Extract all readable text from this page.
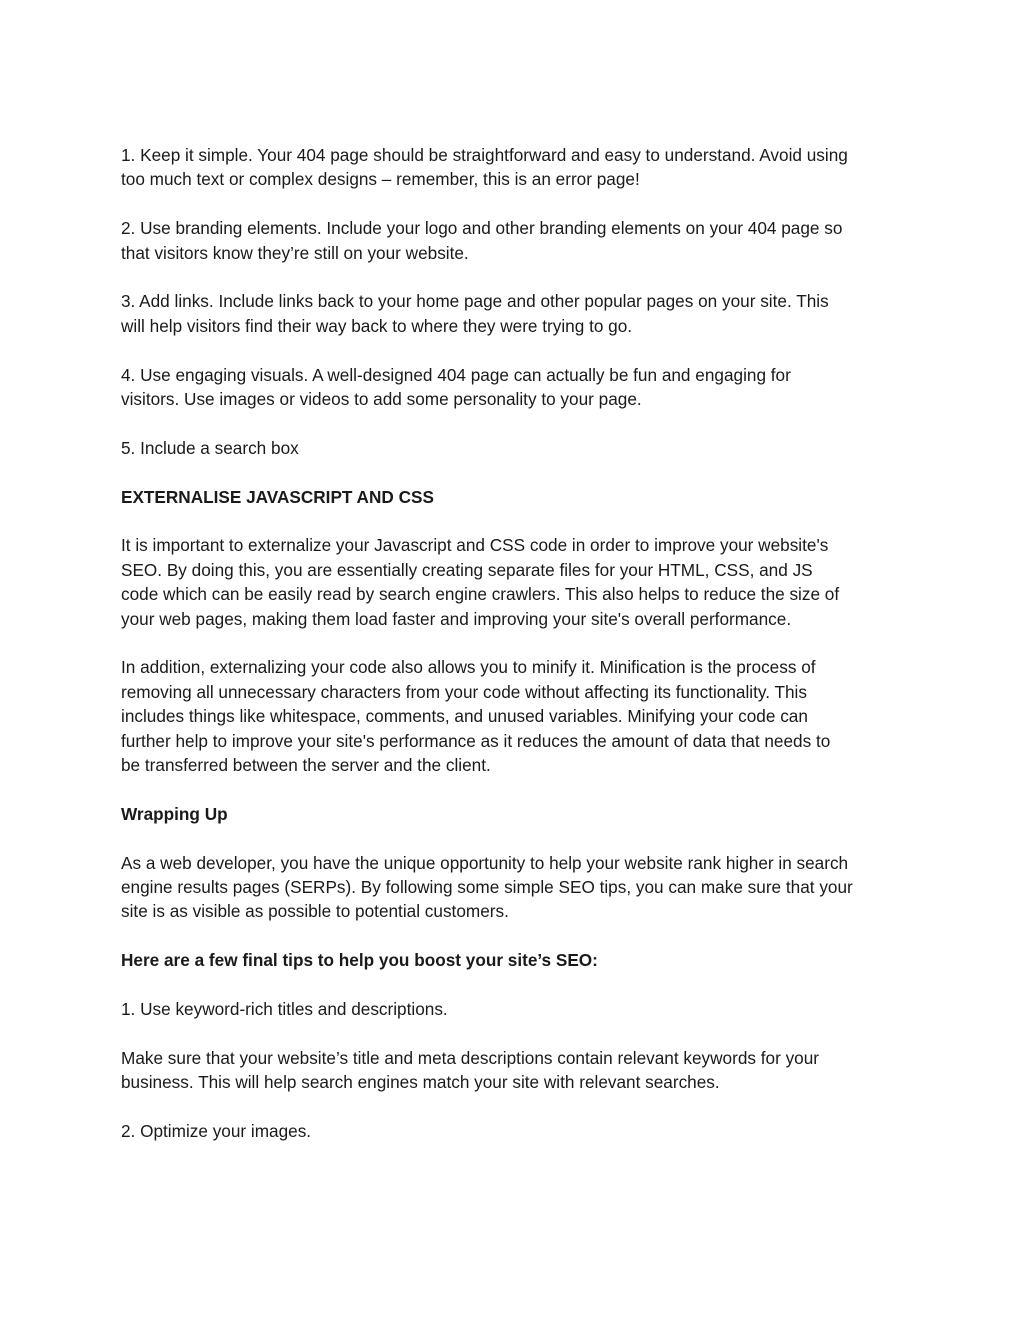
1. Keep it simple. Your 404 page should be straightforward and easy to understand. Avoid using
too much text or complex designs – remember, this is an error page!

2. Use branding elements. Include your logo and other branding elements on your 404 page so
that visitors know they’re still on your website.

3. Add links. Include links back to your home page and other popular pages on your site. This
will help visitors find their way back to where they were trying to go.

4. Use engaging visuals. A well-designed 404 page can actually be fun and engaging for
visitors. Use images or videos to add some personality to your page.

5. Include a search box

EXTERNALISE JAVASCRIPT AND CSS

It is important to externalize your Javascript and CSS code in order to improve your website's
SEO. By doing this, you are essentially creating separate files for your HTML, CSS, and JS
code which can be easily read by search engine crawlers. This also helps to reduce the size of
your web pages, making them load faster and improving your site's overall performance.

In addition, externalizing your code also allows you to minify it. Minification is the process of
removing all unnecessary characters from your code without affecting its functionality. This
includes things like whitespace, comments, and unused variables. Minifying your code can
further help to improve your site's performance as it reduces the amount of data that needs to
be transferred between the server and the client.

Wrapping Up

As a web developer, you have the unique opportunity to help your website rank higher in search
engine results pages (SERPs). By following some simple SEO tips, you can make sure that your
site is as visible as possible to potential customers.

Here are a few final tips to help you boost your site’s SEO:

1. Use keyword-rich titles and descriptions.

Make sure that your website’s title and meta descriptions contain relevant keywords for your
business. This will help search engines match your site with relevant searches.

2. Optimize your images.
